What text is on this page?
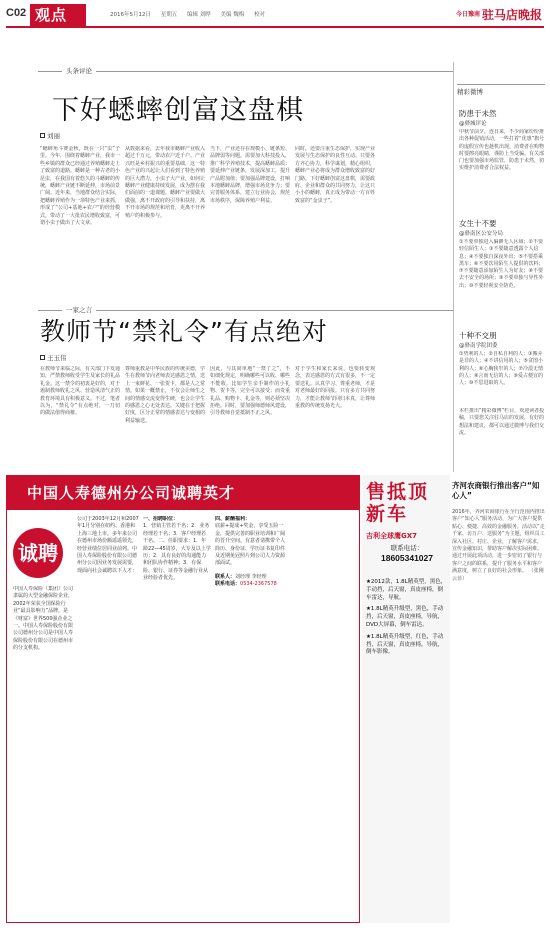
C02 观点	2016年5月12日 星期五 编辑 刘晔 美编 魏梅 校对	$^{今日豫南}$ 驻马店晚报
头条评论
下好蟋蟀创富这盘棋
刘丽
“蟋蟀角斗赛金秋，既在一只“虫”子里。今年，围绕着蟋蟀产业，我市一些乡镇的群众已经通过养殖蟋蟀走上了致富的道路。蟋蟀是一种古老的小昆虫，在我国有着悠久的斗蟋蟀的传统，蟋蟀产业链不断延伸，市场前景广阔。近年来，当地群众结合实际，把蟋蟀养殖作为一项特色产业来抓，形成了“公司+基地+农户”的经营模式，带动了一大批农民增收致富，可谓小虫子做出了大文章。
从数据来看，去年我市蟋蟀产业收入超过千万元，带动农户近千户。产业兴旺是乡村振兴的重要基础，这一特色产业的兴起让人们看到了特色养殖的巨大潜力。小虫子大产业，如何让蟋蟀产业健康持续发展，成为摆在我们面前的一道课题。蟋蟀产业要做大做强，离不开政府的引导和扶持，离不开市场的规范和培育，更离不开养殖户的积极参与。
当下，产业还存在规模小、链条短、品牌弱等问题。需要加大科技投入，推广科学养殖技术，提高蟋蟀品质；要延伸产业链条，发展深加工，提升产品附加值；要加强品牌建设，打响本地蟋蟀品牌，增强市场竞争力；要完善服务体系，建立行业协会，规范市场秩序，保障养殖户利益。
同时，还要注重生态保护，实现产业发展与生态保护的良性互动。只要各方齐心协力，科学谋划，精心组织，蟋蟀产业必将成为群众增收致富的好门路。下好蟋蟀创富这盘棋，需要政府、企业和群众的共同努力，让这只小小的蟋蟀，真正成为带动一方百姓致富的“金虫子”。
一家之言
教师节“禁礼令”有点绝对
王玉伟
在教师节来临之际，有关部门下发通知，严禁教师收受学生及家长的礼品礼金。这一禁令的初衷是好的，对于遏制教师收礼之风、营造风清气正的教育环境具有积极意义。不过，笔者以为，“禁礼令”有点绝对，一刀切的做法值得商榷。
尊师重教是中华民族的传统美德，学生在教师节向老师表达感恩之情，送上一束鲜花、一张贺卡，都是人之常情。如果一概禁止，不仅会让师生之间的情感交流变得生硬，也会让学生的感恩之心无处表达。关键在于把握好度，区分正常的情感表达与变相的利益输送。
因此，与其简单地“一禁了之”，不如细化规定，明确哪些可以收、哪些不能收。比如学生亲手制作的小礼物、贺卡等，完全可以接受；而贵重礼品、购物卡、礼金等，则必须坚决拒绝。同时，要加强师德师风建设，引导教师自觉抵制不正之风。
对于学生和家长来说，也要转变观念，表达感恩的方式有很多，不一定要送礼。认真学习、尊重老师，才是对老师最好的回报。只有多方共同努力，才能让教师节回归本真，让尊师重教的传统发扬光大。
精彩微博
防患于未然
@驿城评论
中秋节前夕，连日来，不少商家纷纷推出各种促销活动，一些打着“优惠”旗号的虚假宣传也趁机出现。消费者在购物时要擦亮眼睛，谨防上当受骗。有关部门也要加强市场监管，防患于未然，切实维护消费者合法权益。
女生十不要
@驿南区公安分局
①不要单独进入偏僻无人区域；②不要轻信陌生人；③不要随意透露个人信息；④不要独自深夜外出；⑤不要搭乘黑车；⑥不要饮用陌生人提供的饮料；⑦不要随意添加陌生人为好友；⑧不要去不安全的场所；⑨不要单独与异性外出；⑩不要轻视安全防范。
十种不交朋
@驿南学院团委
①势利的人；②自私自利的人；③搬弄是非的人；④不讲信用的人；⑤贪图小利的人；⑥心胸狭窄的人；⑦冷漠无情的人；⑧言而无信的人；⑨爱占便宜的人；⑩不思进取的人。
本栏推出“精彩微博”栏目，欢迎读者投稿，只要您关注驻马店的发展，有好的想法和建议，都可以通过微博与我们交流。
中国人寿德州分公司诚聘英才
诚聘
中国人寿保险（集团）公司隶属的大型金融保险企业，2002年荣获全国保险行业“最具影响力”品牌，是《财富》世界500强企业之一。中国人寿保险股份有限公司德州分公司是中国人寿保险股份有限公司在德州市的分支机构。
公司于2003年12月和2007年1月分别在纽约、香港和上海三地上市。多年来公司在德州市场份额遥遥领先，经营业绩位居同业前列。中国人寿保险股份有限公司德州分公司因业务发展需要，现面向社会诚聘以下人才：
一、招聘职位：
1．营销主管若干名；2．业务经理若干名；3．客户经理若干名。二、任职要求：1．年龄22—45周岁，大专及以上学历；2．具有良好的沟通能力和团队协作精神；3．有保险、银行、证券等金融行业从业经验者优先。
四、薪酬福利：
底薪+提成+奖金，享受五险一金，提供完善的职业培训和广阔的晋升空间。有意者请携带个人简历、身份证、学历证书复印件及近期免冠照片到公司人力资源部面试。
联系人：刘经理 李经理
联系电话：0534-2367578
售抵顶新车
吉利全球鹰GX7
联系电话：
18605341027
★2012款，1.8L精英型，黑色，手动挡，后天窗，真皮座椅，倒车雷达，导航。
★1.8L精英升级型，黑色，手动挡，后天窗，真皮座椅，导航，DVD大屏幕，倒车雷达。
★1.8L精英升级型，红色，手动挡，后天窗，真皮座椅，导航，倒车影像。
齐河农商银行推出客户“知心人”
2016年，齐河农商银行在全行范围内推出客户“知心人”服务活动，为广大客户提供贴心、便捷、高效的金融服务。活动以“走千家、访万户、送服务”为主题，组织员工深入社区、村庄、企业，了解客户需求，宣传金融知识，帮助客户解决实际困难。通过开展此项活动，进一步密切了银行与客户之间的联系，提升了服务水平和客户满意度，树立了良好的社会形象。 （张刚 云菲）
